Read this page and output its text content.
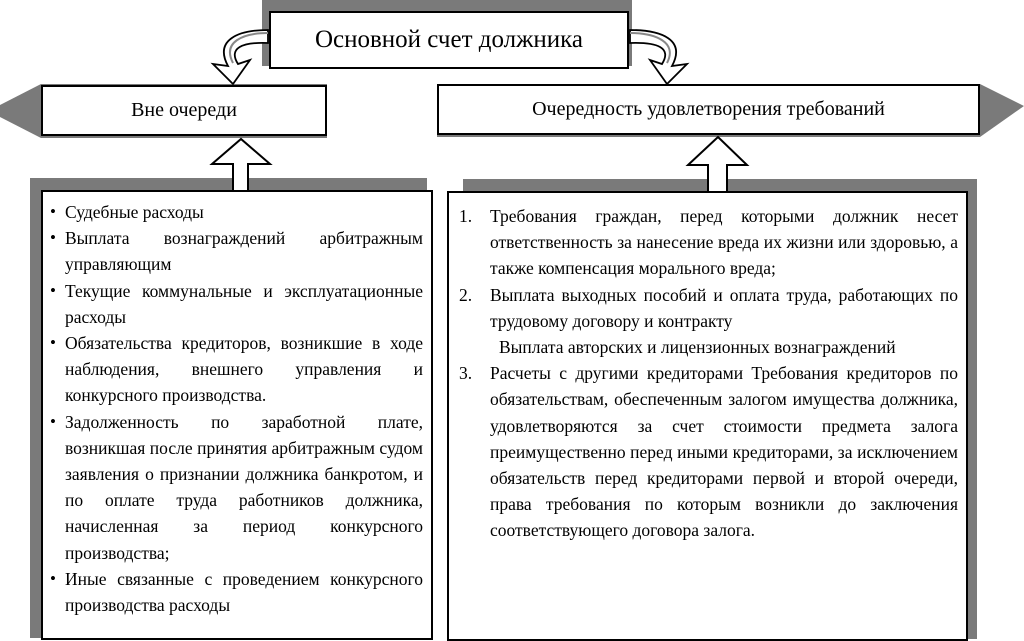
Основной счет должника
Вне очереди	Очередность удовлетворения требований

• Судебные расходы

• Выплата вознаграждений арбитражным управляющим

• Текущие коммунальные и эксплуатационные расходы

• Обязательства кредиторов, возникшие в ходе наблюдения, внешнего управления и конкурсного производства.

• Задолженность по заработной плате, возникшая после принятия арбитражным судом заявления о признании должника банкротом, и по оплате труда работников должника, начисленная за период конкурсного производства;

• Иные связанные с проведением конкурсного производства расходы

1. Требования граждан, перед которыми должник несет ответственность за нанесение вреда их жизни или здоровью, а также компенсация морального вреда;

2. Выплата выходных пособий и оплата труда, работающих по трудовому договору и контракту

Выплата авторских и лицензионных вознаграждений

3. Расчеты с другими кредиторами Требования кредиторов по обязательствам, обеспеченным залогом имущества должника, удовлетворяются за счет стоимости предмета залога преимущественно перед иными кредиторами, за исключением обязательств перед кредиторами первой и второй очереди, права требования по которым возникли до заключения соответствующего договора залога.
